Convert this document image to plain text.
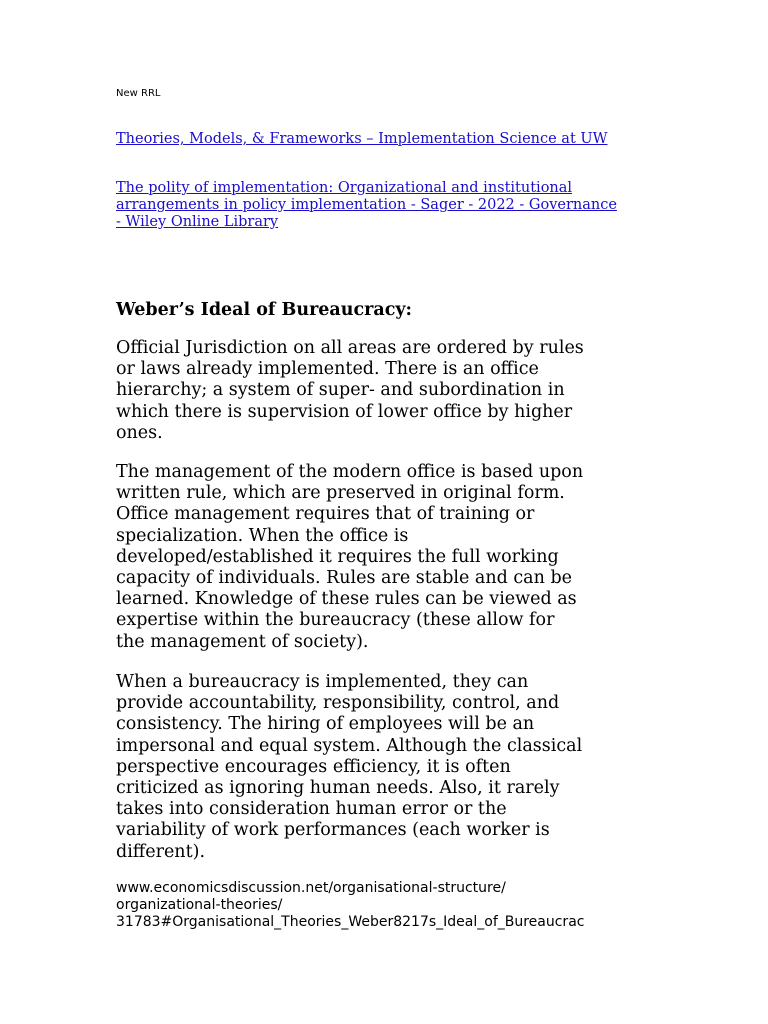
New RRL
Theories, Models, & Frameworks – Implementation Science at UW
The polity of implementation: Organizational and institutional
arrangements in policy implementation - Sager - 2022 - Governance
- Wiley Online Library
Weber’s Ideal of Bureaucracy:
Official Jurisdiction on all areas are ordered by rules
or laws already implemented. There is an office
hierarchy; a system of super- and subordination in
which there is supervision of lower office by higher
ones.
The management of the modern office is based upon
written rule, which are preserved in original form.
Office management requires that of training or
specialization. When the office is
developed/established it requires the full working
capacity of individuals. Rules are stable and can be
learned. Knowledge of these rules can be viewed as
expertise within the bureaucracy (these allow for
the management of society).
When a bureaucracy is implemented, they can
provide accountability, responsibility, control, and
consistency. The hiring of employees will be an
impersonal and equal system. Although the classical
perspective encourages efficiency, it is often
criticized as ignoring human needs. Also, it rarely
takes into consideration human error or the
variability of work performances (each worker is
different).
www.economicsdiscussion.net/organisational-structure/
organizational-theories/
31783#Organisational_Theories_Weber8217s_Ideal_of_Bureaucrac
